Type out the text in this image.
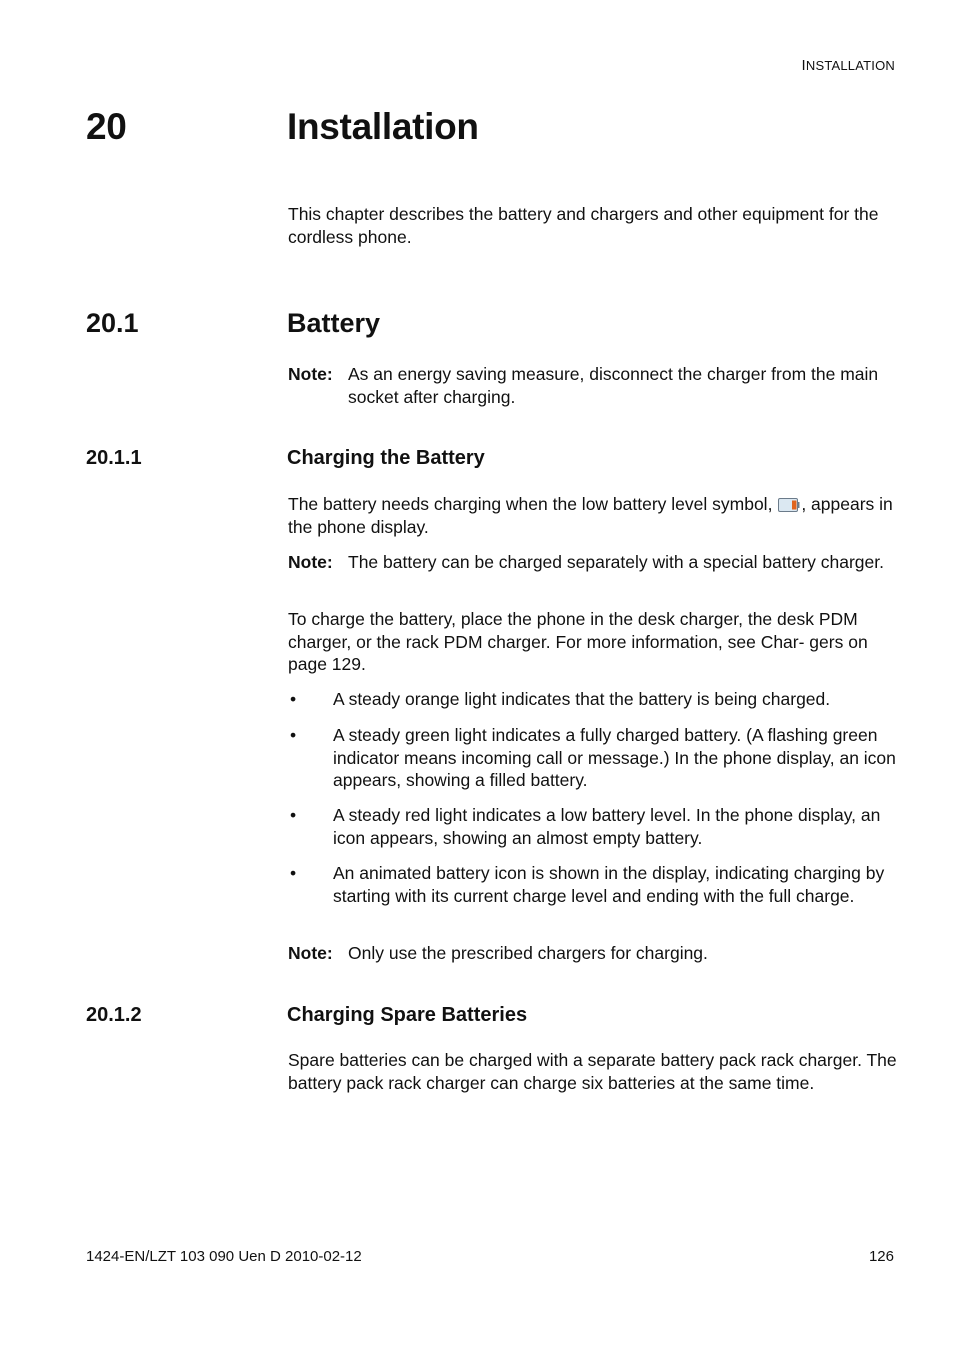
INSTALLATION
20	Installation
This chapter describes the battery and chargers and other equipment for the cordless phone.
20.1	Battery
Note: As an energy saving measure, disconnect the charger from the main socket after charging.
20.1.1	Charging the Battery
The battery needs charging when the low battery level symbol, , appears in the phone display.
Note: The battery can be charged separately with a special battery charger.
To charge the battery, place the phone in the desk charger, the desk PDM charger, or the rack PDM charger. For more information, see Char- gers on page 129.
•	A steady orange light indicates that the battery is being charged.
•	A steady green light indicates a fully charged battery. (A flashing green indicator means incoming call or message.) In the phone display, an icon appears, showing a filled battery.
•	A steady red light indicates a low battery level. In the phone display, an icon appears, showing an almost empty battery.
•	An animated battery icon is shown in the display, indicating charging by starting with its current charge level and ending with the full charge.
Note: Only use the prescribed chargers for charging.
20.1.2	Charging Spare Batteries
Spare batteries can be charged with a separate battery pack rack charger. The battery pack rack charger can charge six batteries at the same time.
1424-EN/LZT 103 090 Uen D 2010-02-12	126
